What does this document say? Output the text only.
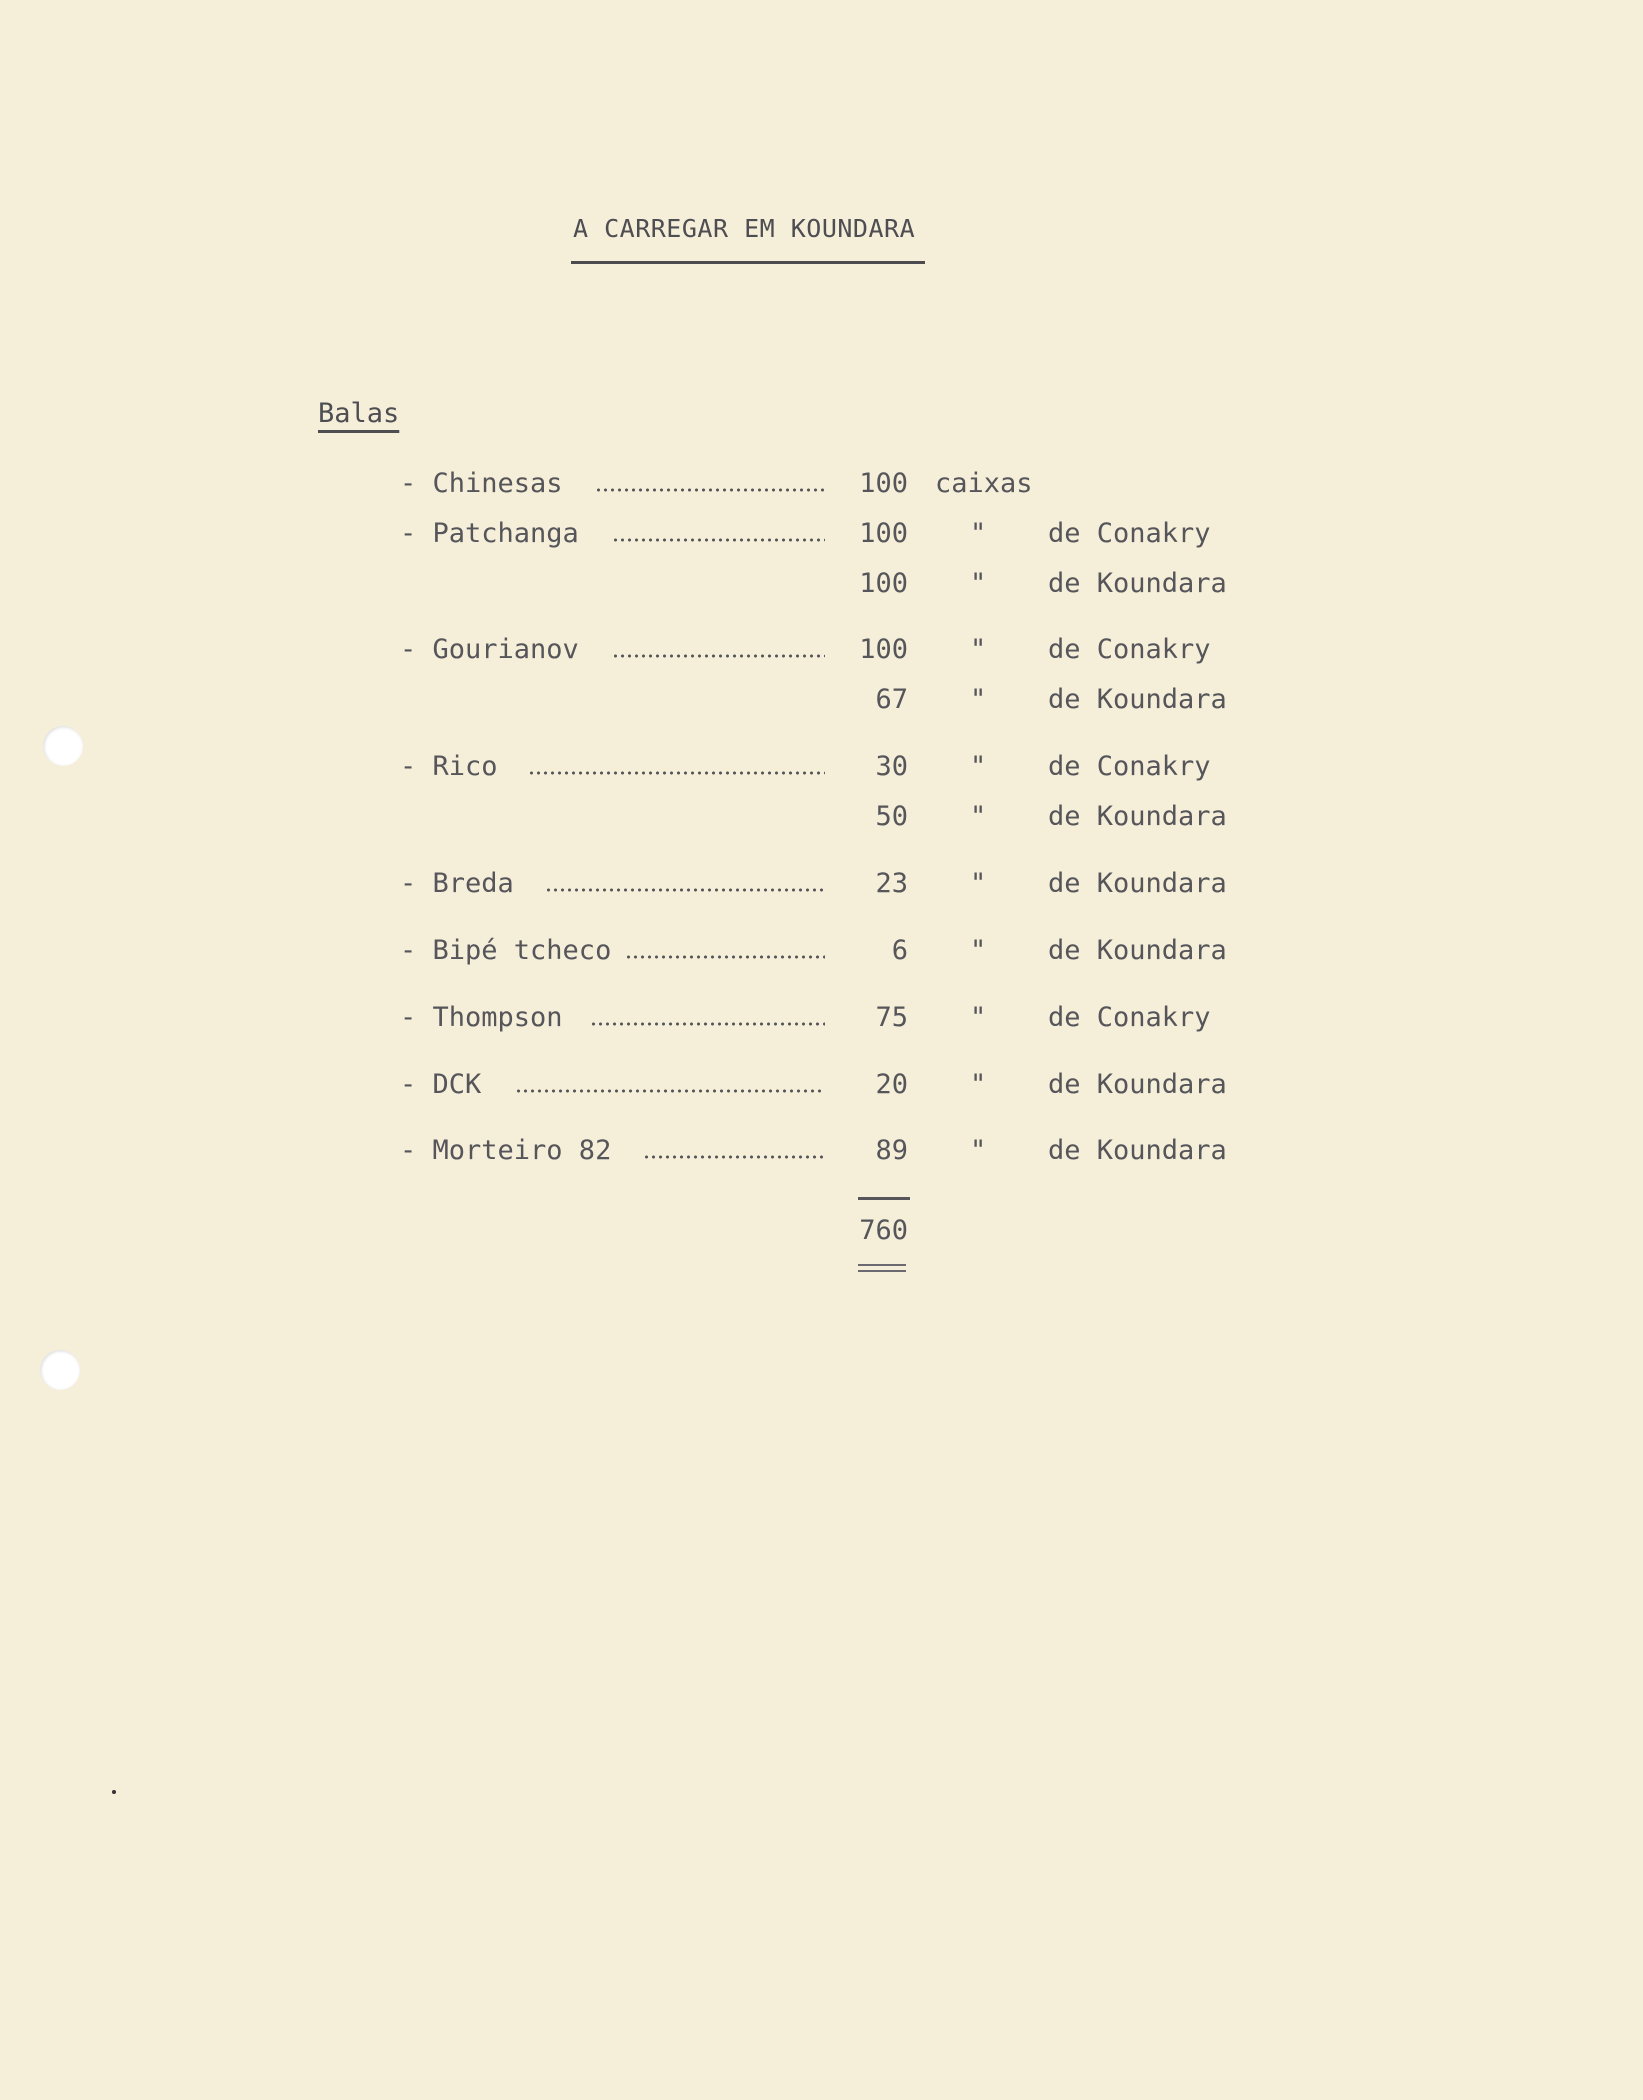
A CARREGAR EM KOUNDARA
Balas
- Chinesas	100 caixas
- Patchanga	100 " de Conakry
100 " de Koundara
- Gourianov	100 " de Conakry
67 " de Koundara
- Rico	30 " de Conakry
50 " de Koundara
- Breda	23 " de Koundara
- Bipé tcheco	6 " de Koundara
- Thompson	75 " de Conakry
- DCK	20 " de Koundara
- Morteiro 82	89 " de Koundara
760
